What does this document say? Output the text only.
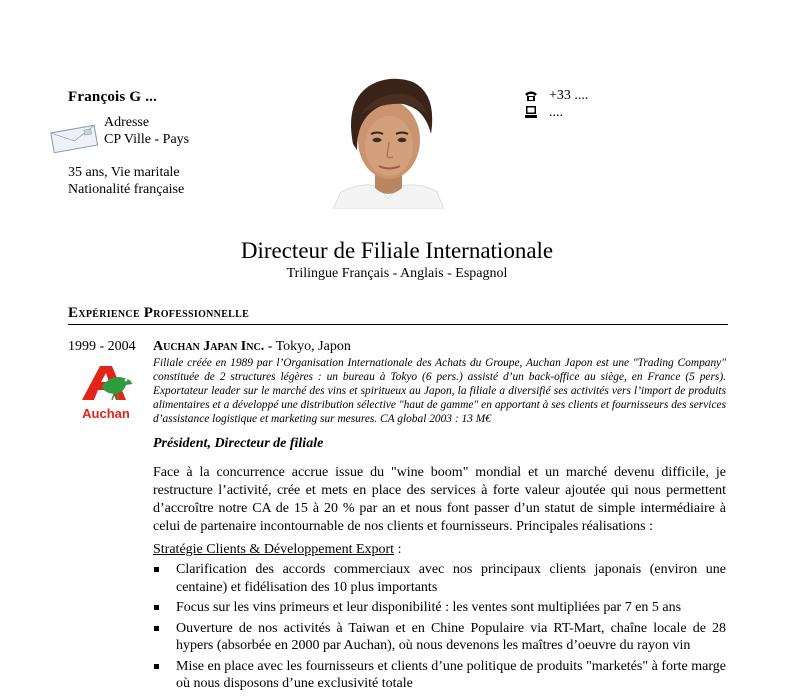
François G ...
Adresse
CP Ville - Pays
35 ans, Vie maritale
Nationalité française
+33 ....
....
Directeur de Filiale Internationale
Trilingue Français - Anglais - Espagnol
Expérience Professionnelle
1999 - 2004
Auchan
Auchan Japan Inc. - Tokyo, Japon
Filiale créée en 1989 par l’Organisation Internationale des Achats du Groupe, Auchan Japon est une "Trading Company" constituée de 2 structures légères : un bureau à Tokyo (6 pers.) assisté d’un back-office au siège, en France (5 pers). Exportateur leader sur le marché des vins et spiritueux au Japon, la filiale a diversifié ses activités vers l’import de produits alimentaires et a développé une distribution sélective "haut de gamme" en apportant à ses clients et fournisseurs des services d’assistance logistique et marketing sur mesures. CA global 2003 : 13 M€
Président, Directeur de filiale
Face à la concurrence accrue issue du "wine boom" mondial et un marché devenu difficile, je restructure l’activité, crée et mets en place des services à forte valeur ajoutée qui nous permettent d’accroître notre CA de 15 à 20 % par an et nous font passer d’un statut de simple intermédiaire à celui de partenaire incontournable de nos clients et fournisseurs. Principales réalisations :
Stratégie Clients & Développement Export :
Clarification des accords commerciaux avec nos principaux clients japonais (environ une centaine) et fidélisation des 10 plus importants
Focus sur les vins primeurs et leur disponibilité : les ventes sont multipliées par 7 en 5 ans
Ouverture de nos activités à Taiwan et en Chine Populaire via RT-Mart, chaîne locale de 28 hypers (absorbée en 2000 par Auchan), où nous devenons les maîtres d’oeuvre du rayon vin
Mise en place avec les fournisseurs et clients d’une politique de produits "marketés" à forte marge où nous disposons d’une exclusivité totale
